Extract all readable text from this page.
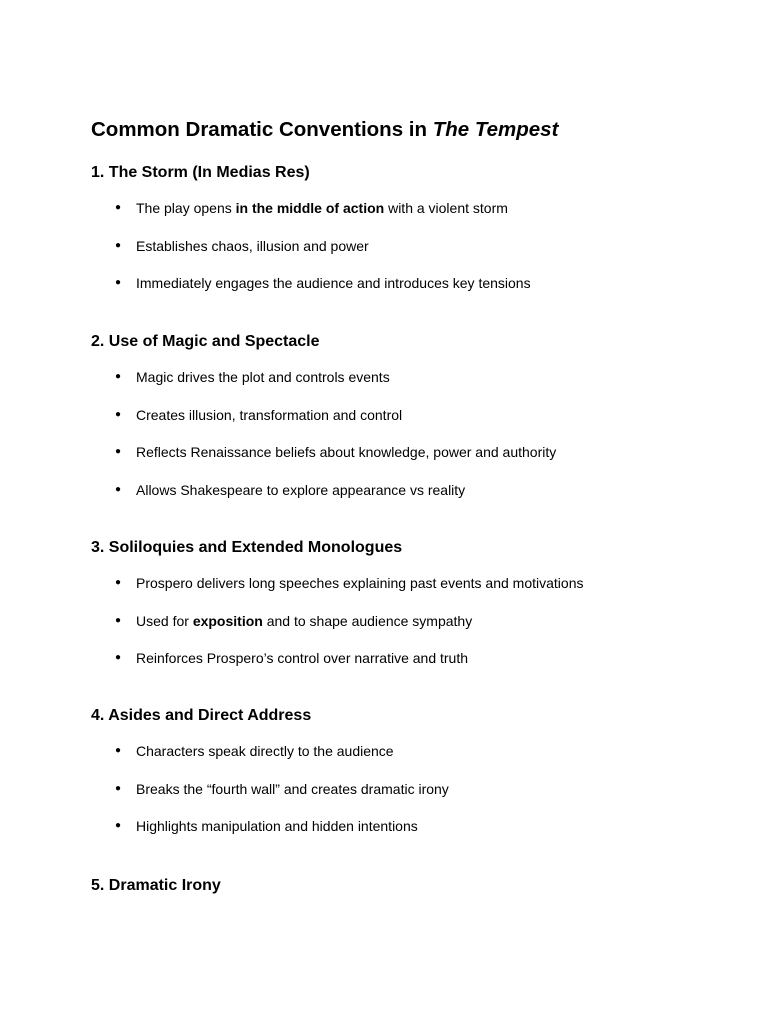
Common Dramatic Conventions in The Tempest
1. The Storm (In Medias Res)
● The play opens in the middle of action with a violent storm
● Establishes chaos, illusion and power
● Immediately engages the audience and introduces key tensions
2. Use of Magic and Spectacle
● Magic drives the plot and controls events
● Creates illusion, transformation and control
● Reflects Renaissance beliefs about knowledge, power and authority
● Allows Shakespeare to explore appearance vs reality
3. Soliloquies and Extended Monologues
● Prospero delivers long speeches explaining past events and motivations
● Used for exposition and to shape audience sympathy
● Reinforces Prospero’s control over narrative and truth
4. Asides and Direct Address
● Characters speak directly to the audience
● Breaks the “fourth wall” and creates dramatic irony
● Highlights manipulation and hidden intentions
5. Dramatic Irony
